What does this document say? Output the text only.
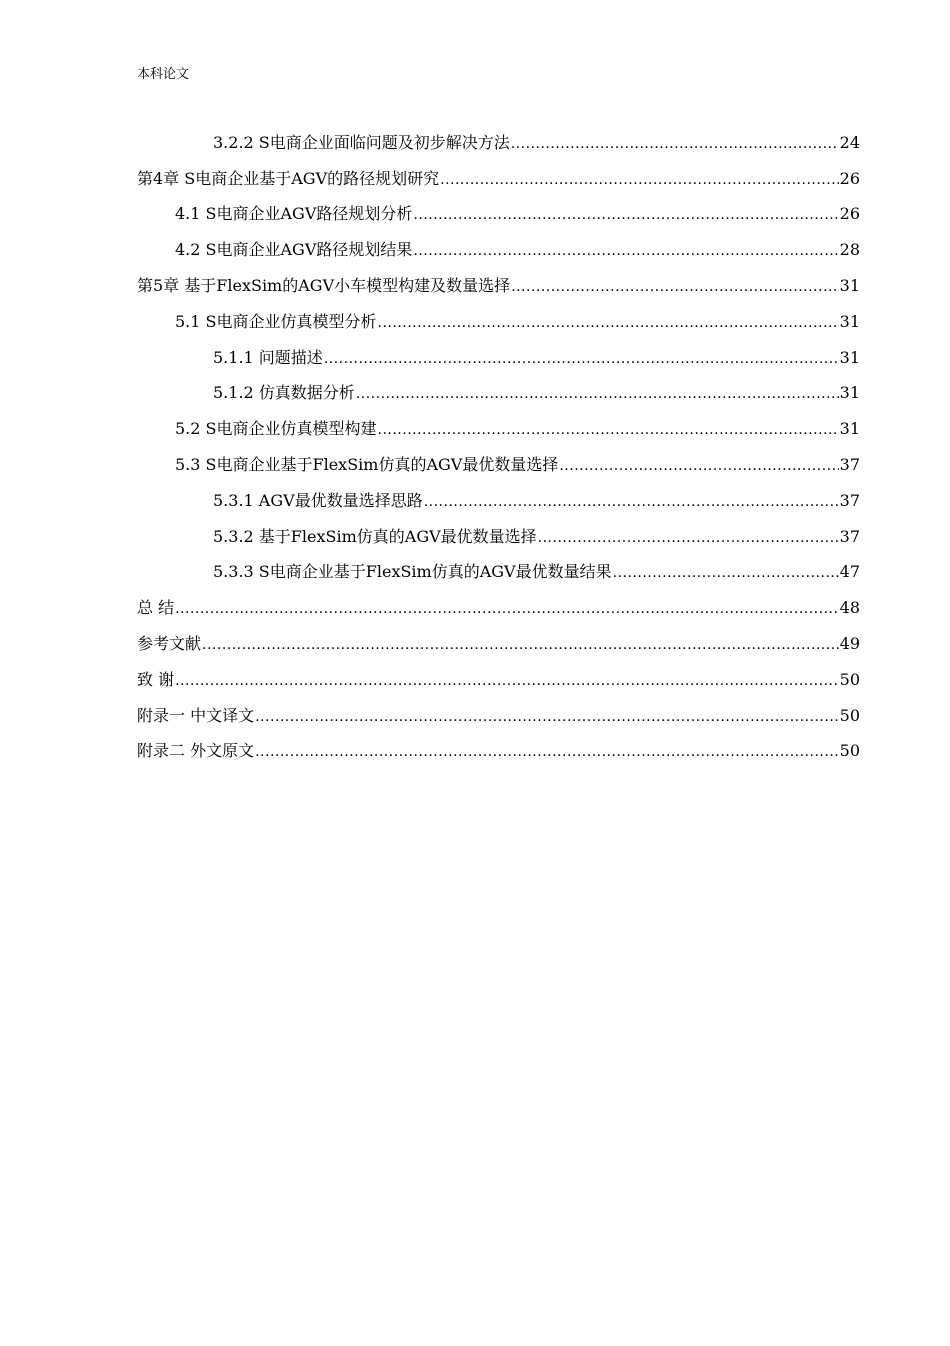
本科论文
3.2.2 S电商企业面临问题及初步解决方法 .....	24
第4章 S电商企业基于AGV的路径规划研究 .....	26
4.1 S电商企业AGV路径规划分析 .....	26
4.2 S电商企业AGV路径规划结果 .....	28
第5章 基于FlexSim的AGV小车模型构建及数量选择 .....	31
5.1 S电商企业仿真模型分析 .....	31
5.1.1 问题描述 .....	31
5.1.2 仿真数据分析 .....	31
5.2 S电商企业仿真模型构建 .....	31
5.3 S电商企业基于FlexSim仿真的AGV最优数量选择 .....	37
5.3.1 AGV最优数量选择思路 .....	37
5.3.2 基于FlexSim仿真的AGV最优数量选择 .....	37
5.3.3 S电商企业基于FlexSim仿真的AGV最优数量结果 .....	47
总 结 .....	48
参考文献 .....	49
致 谢 .....	50
附录一 中文译文 .....	50
附录二 外文原文 .....	50
